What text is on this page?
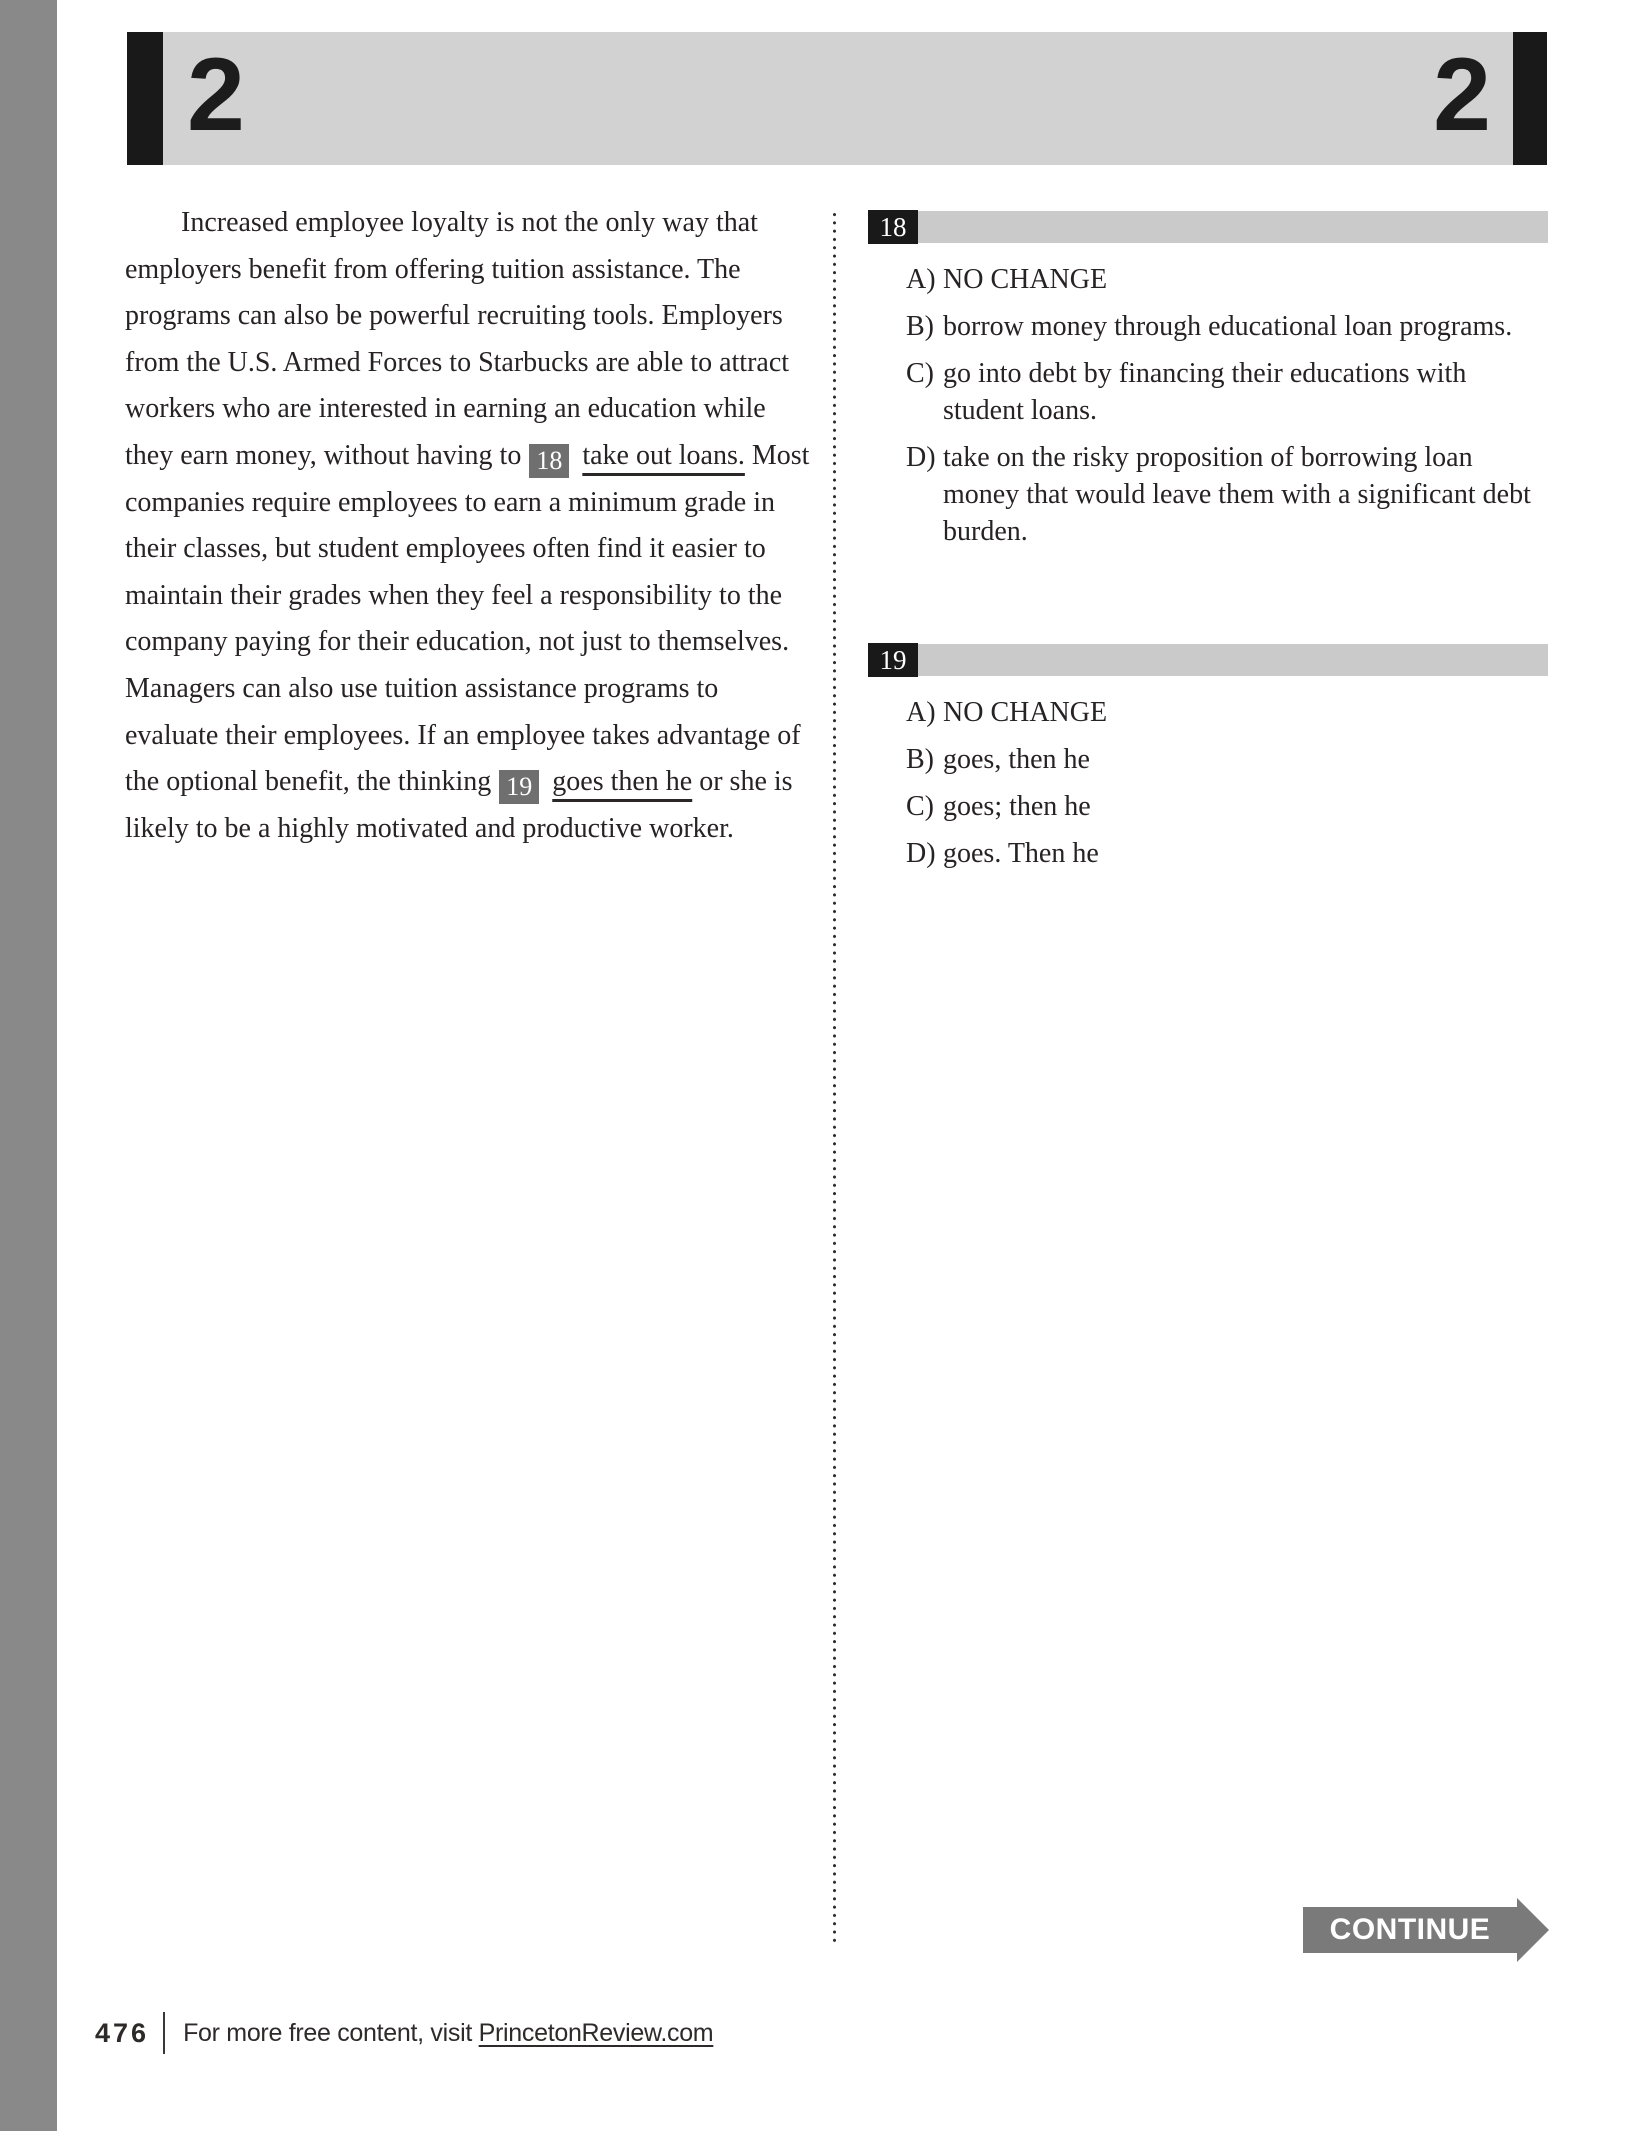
2	2

Increased employee loyalty is not the only way that employers benefit from offering tuition assistance. The programs can also be powerful recruiting tools. Employers from the U.S. Armed Forces to Starbucks are able to attract workers who are interested in earning an education while they earn money, without having to 18 take out loans. Most companies require employees to earn a minimum grade in their classes, but student employees often find it easier to maintain their grades when they feel a responsibility to the company paying for their education, not just to themselves. Managers can also use tuition assistance programs to evaluate their employees. If an employee takes advantage of the optional benefit, the thinking 19 goes then he or she is likely to be a highly motivated and productive worker.

18
A) NO CHANGE
B) borrow money through educational loan programs.
C) go into debt by financing their educations with student loans.
D) take on the risky proposition of borrowing loan money that would leave them with a significant debt burden.
19
A) NO CHANGE
B) goes, then he
C) goes; then he
D) goes. Then he
CONTINUE
476 For more free content, visit PrincetonReview.com
